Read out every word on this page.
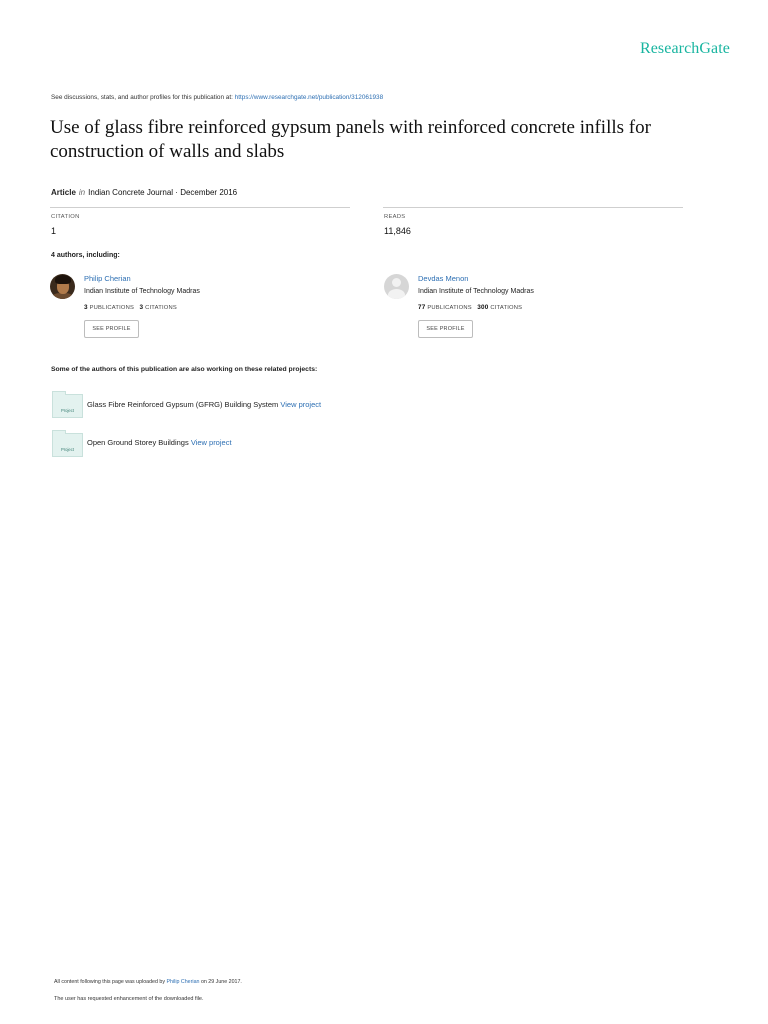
ResearchGate
See discussions, stats, and author profiles for this publication at: https://www.researchgate.net/publication/312061938
Use of glass fibre reinforced gypsum panels with reinforced concrete infills for construction of walls and slabs
Article in Indian Concrete Journal · December 2016
CITATION
1
READS
11,846
4 authors, including:
Philip Cherian
Indian Institute of Technology Madras
3 PUBLICATIONS 3 CITATIONS
SEE PROFILE
Devdas Menon
Indian Institute of Technology Madras
77 PUBLICATIONS 300 CITATIONS
SEE PROFILE
Some of the authors of this publication are also working on these related projects:
Project
Glass Fibre Reinforced Gypsum (GFRG) Building System View project
Project
Open Ground Storey Buildings View project
All content following this page was uploaded by Philip Cherian on 29 June 2017.
The user has requested enhancement of the downloaded file.
